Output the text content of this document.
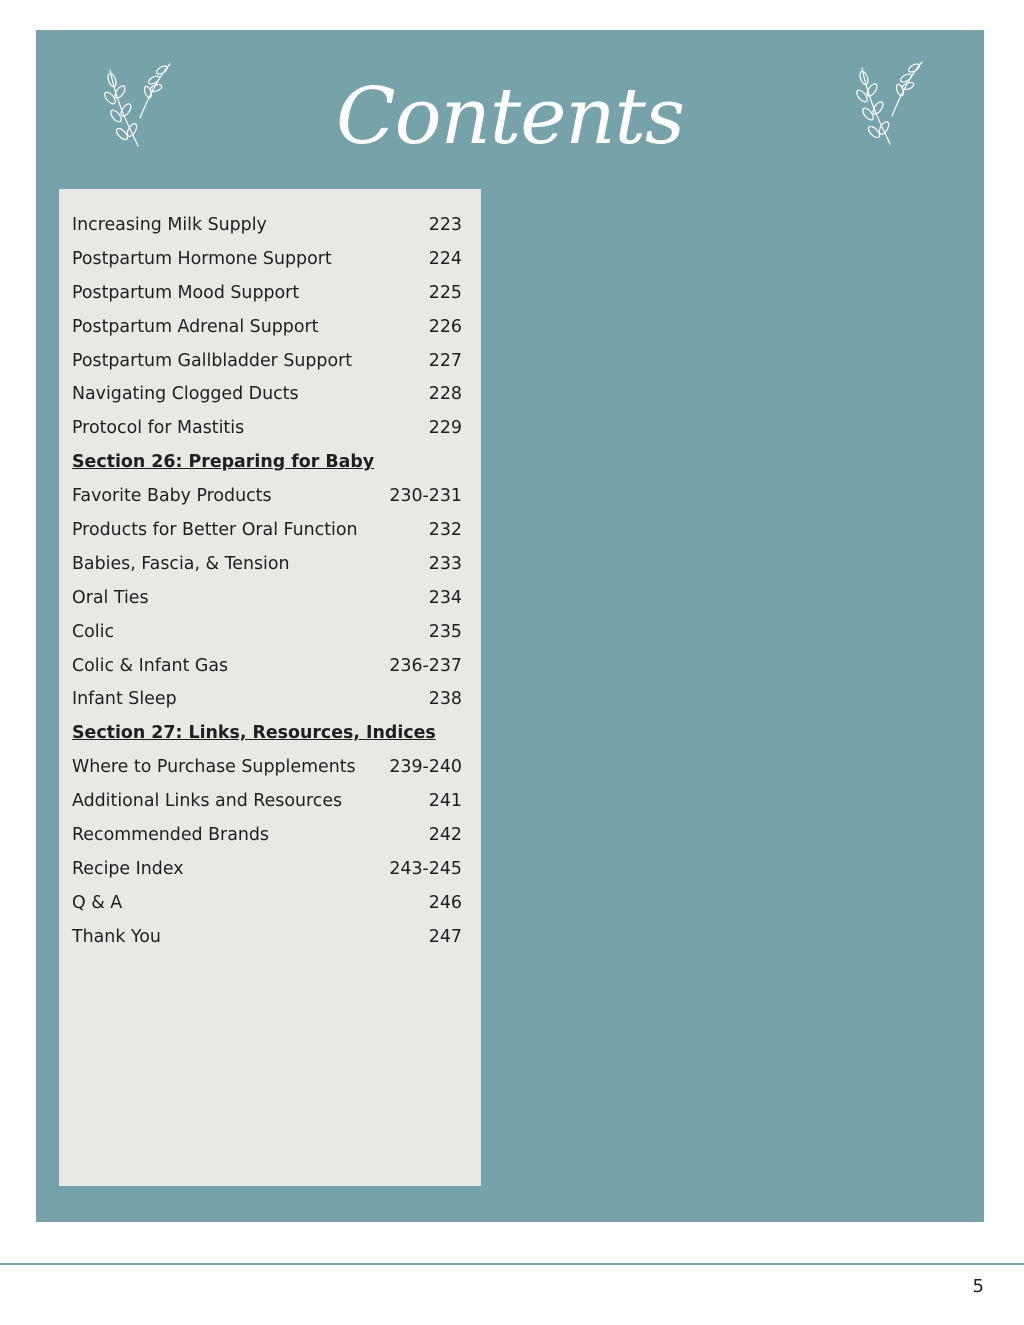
Contents
Increasing Milk Supply	223
Postpartum Hormone Support	224
Postpartum Mood Support	225
Postpartum Adrenal Support	226
Postpartum Gallbladder Support	227
Navigating Clogged Ducts	228
Protocol for Mastitis	229
Section 26: Preparing for Baby
Favorite Baby Products	230-231
Products for Better Oral Function	232
Babies, Fascia, & Tension	233
Oral Ties	234
Colic	235
Colic & Infant Gas	236-237
Infant Sleep	238
Section 27: Links, Resources, Indices
Where to Purchase Supplements 239-240
Additional Links and Resources	241
Recommended Brands	242
Recipe Index	243-245
Q & A	246
Thank You	247
5
